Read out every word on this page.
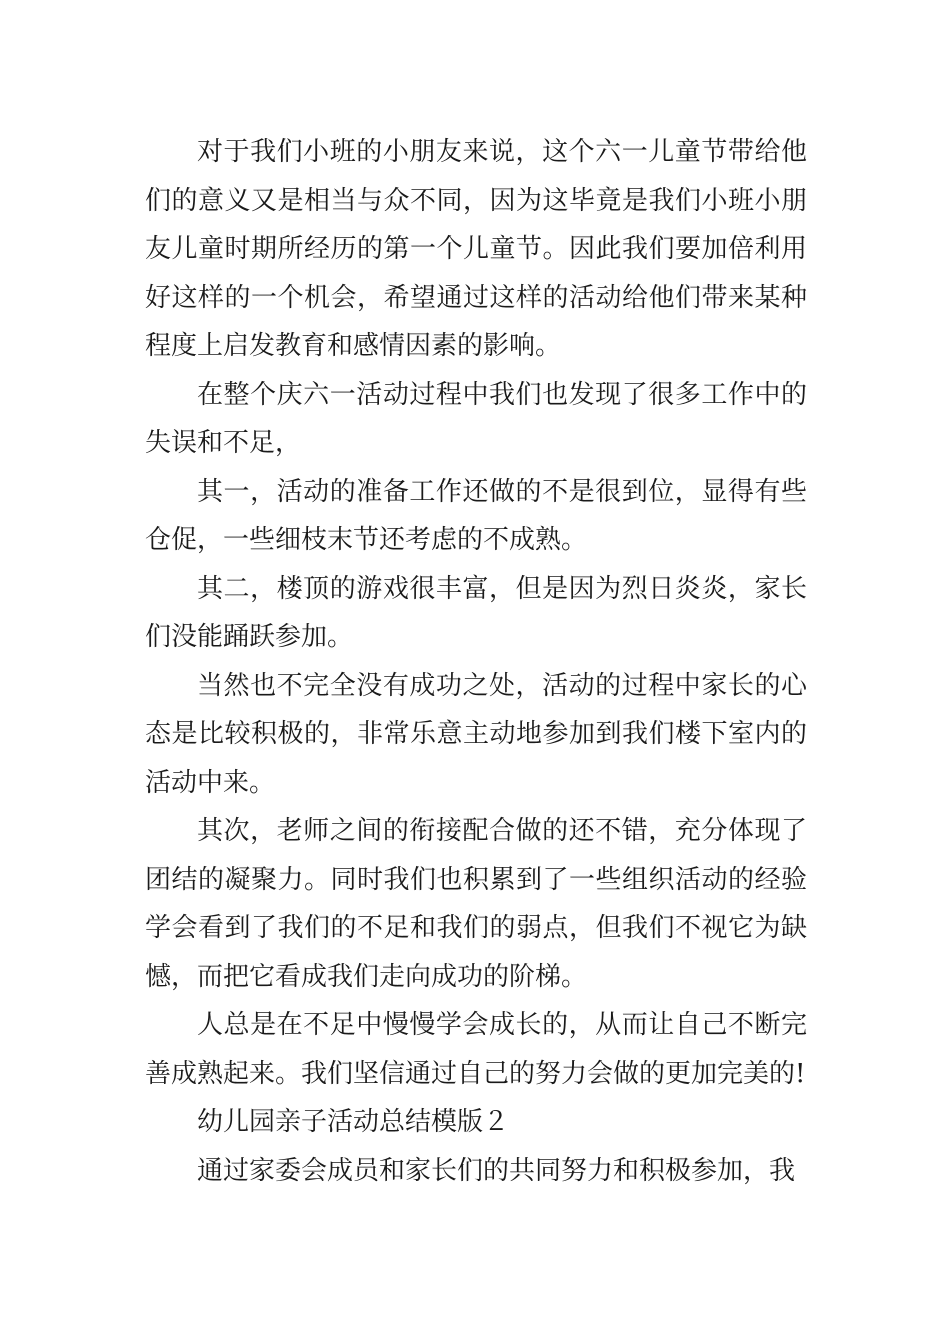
对于我们小班的小朋友来说，这个六一儿童节带给他们的意义又是相当与众不同，因为这毕竟是我们小班小朋友儿童时期所经历的第一个儿童节。因此我们要加倍利用好这样的一个机会，希望通过这样的活动给他们带来某种程度上启发教育和感情因素的影响。

在整个庆六一活动过程中我们也发现了很多工作中的失误和不足，

其一，活动的准备工作还做的不是很到位，显得有些仓促，一些细枝末节还考虑的不成熟。

其二，楼顶的游戏很丰富，但是因为烈日炎炎，家长们没能踊跃参加。

当然也不完全没有成功之处，活动的过程中家长的心态是比较积极的，非常乐意主动地参加到我们楼下室内的活动中来。

其次，老师之间的衔接配合做的还不错，充分体现了团结的凝聚力。同时我们也积累到了一些组织活动的经验学会看到了我们的不足和我们的弱点，但我们不视它为缺憾，而把它看成我们走向成功的阶梯。

人总是在不足中慢慢学会成长的，从而让自己不断完善成熟起来。我们坚信通过自己的努力会做的更加完美的!

幼儿园亲子活动总结模版２

通过家委会成员和家长们的共同努力和积极参加，我
